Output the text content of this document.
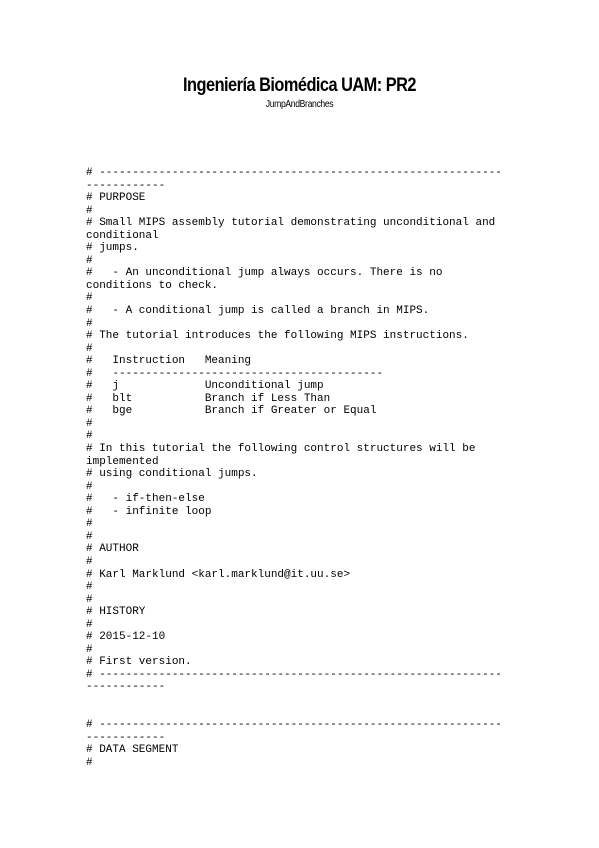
Ingeniería Biomédica UAM: PR2
JumpAndBranches
# -------------------------------------------------------------
------------
# PURPOSE
#
# Small MIPS assembly tutorial demonstrating unconditional and
conditional
# jumps.
#
#   - An unconditional jump always occurs. There is no
conditions to check.
#
#   - A conditional jump is called a branch in MIPS.
#
# The tutorial introduces the following MIPS instructions.
#
#   Instruction   Meaning
#   -----------------------------------------
#   j             Unconditional jump
#   blt           Branch if Less Than
#   bge           Branch if Greater or Equal
#
#
# In this tutorial the following control structures will be
implemented
# using conditional jumps.
#
#   - if-then-else
#   - infinite loop
#
#
# AUTHOR
#
# Karl Marklund <karl.marklund@it.uu.se>
#
#
# HISTORY
#
# 2015-12-10
#
# First version.
# -------------------------------------------------------------
------------
# -------------------------------------------------------------
------------
# DATA SEGMENT
#
